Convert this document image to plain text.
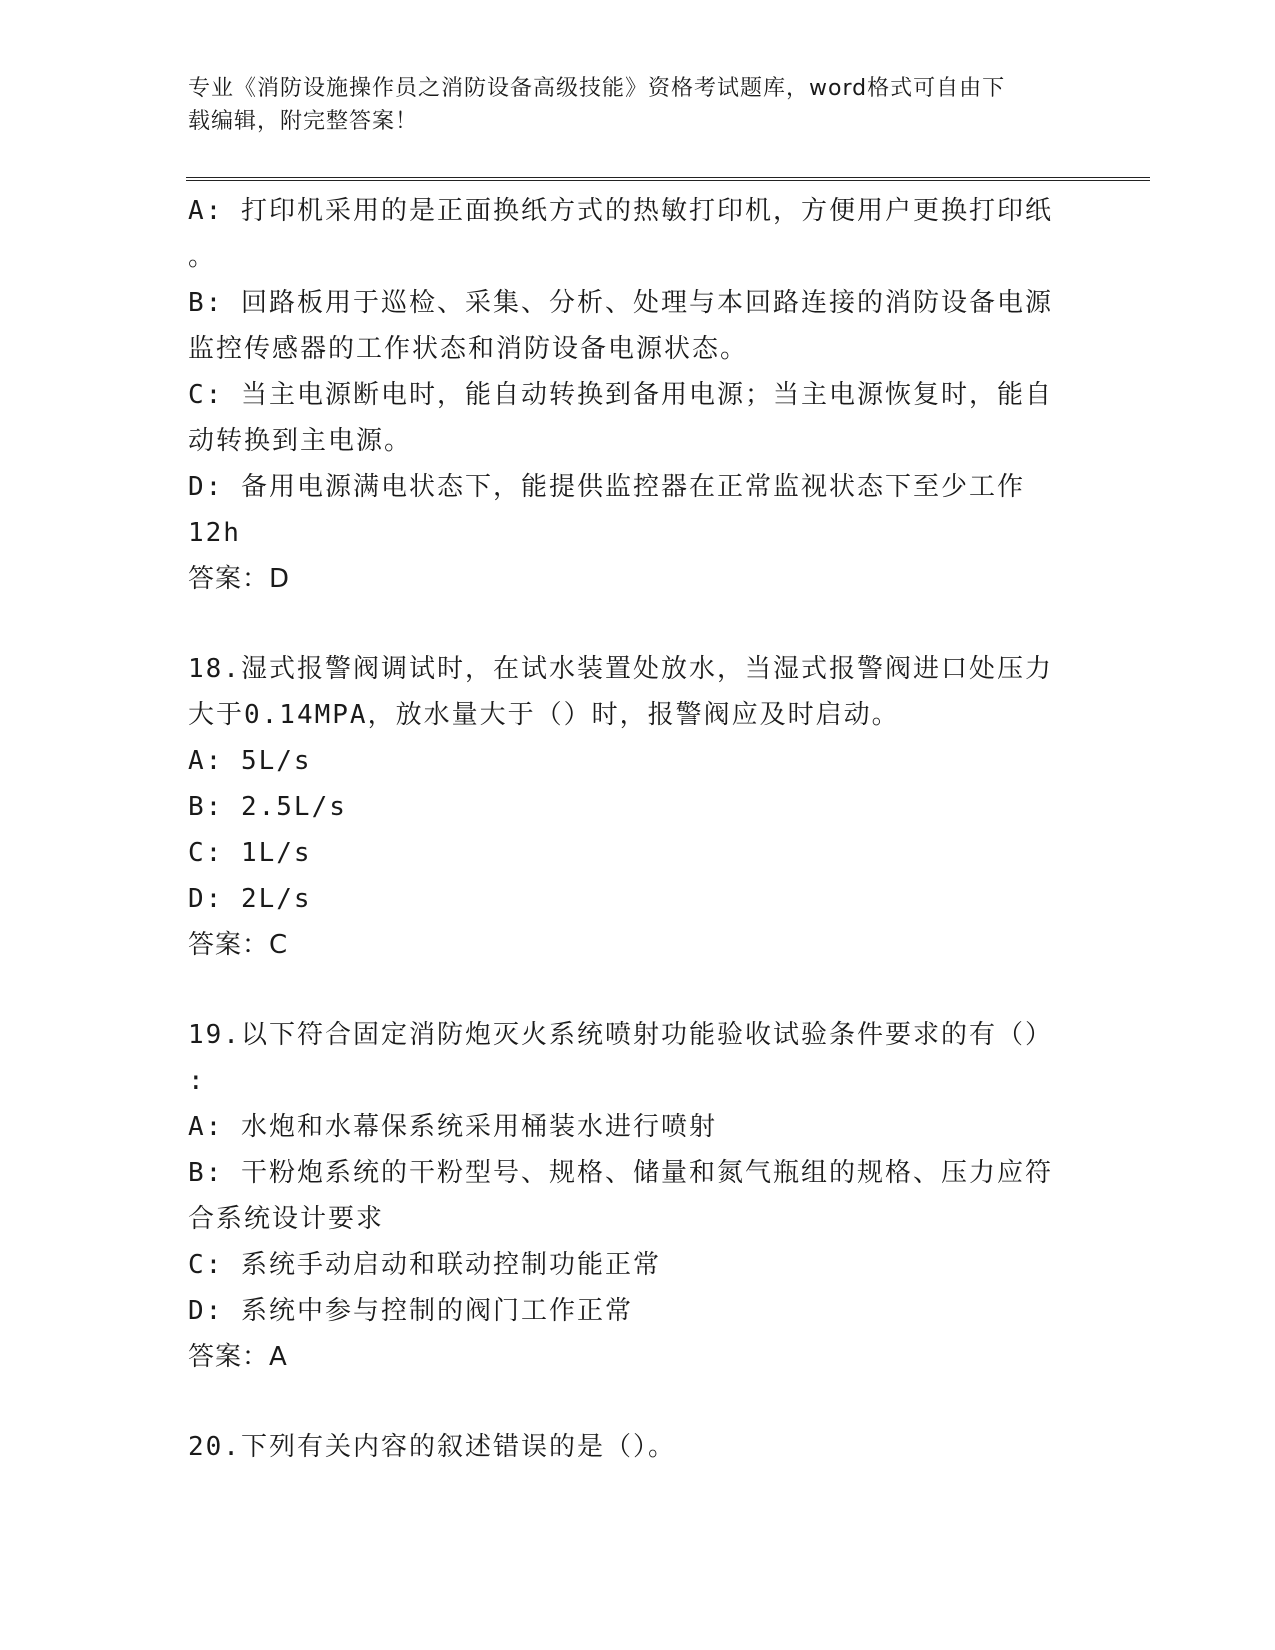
专业《消防设施操作员之消防设备高级技能》资格考试题库，word格式可自由下
载编辑，附完整答案！
A: 打印机采用的是正面换纸方式的热敏打印机，方便用户更换打印纸
。
B: 回路板用于巡检、采集、分析、处理与本回路连接的消防设备电源
监控传感器的工作状态和消防设备电源状态。
C: 当主电源断电时，能自动转换到备用电源；当主电源恢复时，能自
动转换到主电源。
D: 备用电源满电状态下，能提供监控器在正常监视状态下至少工作
12h
答案：D
18.湿式报警阀调试时，在试水装置处放水，当湿式报警阀进口处压力
大于0.14MPA，放水量大于（）时，报警阀应及时启动。
A: 5L/s
B: 2.5L/s
C: 1L/s
D: 2L/s
答案：C
19.以下符合固定消防炮灭火系统喷射功能验收试验条件要求的有（）
:
A: 水炮和水幕保系统采用桶装水进行喷射
B: 干粉炮系统的干粉型号、规格、储量和氮气瓶组的规格、压力应符
合系统设计要求
C: 系统手动启动和联动控制功能正常
D: 系统中参与控制的阀门工作正常
答案：A
20.下列有关内容的叙述错误的是（）。
